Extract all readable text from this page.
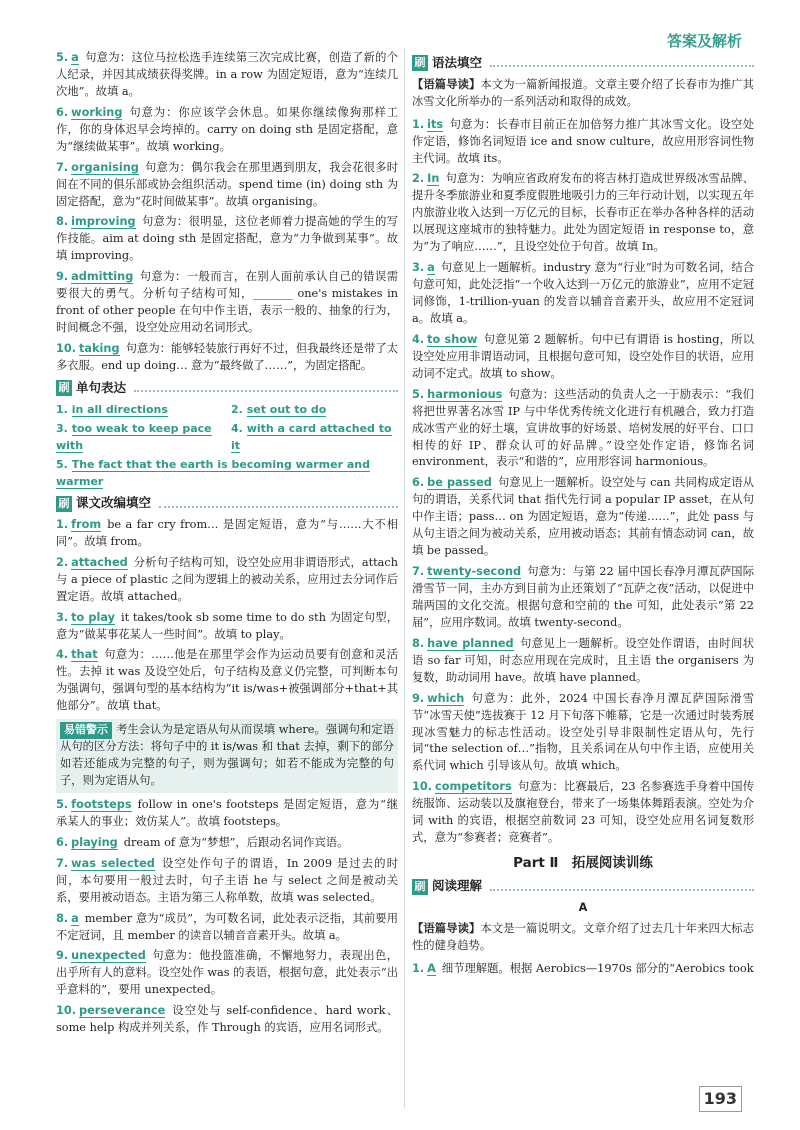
答案及解析
5. a 句意为：这位马拉松选手连续第三次完成比赛，创造了新的个人纪录，并因其成绩获得奖牌。in a row 为固定短语，意为“连续几次地”。故填 a。
6. working 句意为：你应该学会休息。如果你继续像狗那样工作，你的身体迟早会垮掉的。carry on doing sth 是固定搭配，意为“继续做某事”。故填 working。
7. organising 句意为：偶尔我会在那里遇到朋友，我会花很多时间在不同的俱乐部或协会组织活动。spend time (in) doing sth 为固定搭配，意为“花时间做某事”。故填 organising。
8. improving 句意为：很明显，这位老师着力提高她的学生的写作技能。aim at doing sth 是固定搭配，意为“力争做到某事”。故填 improving。
9. admitting 句意为：一般而言，在别人面前承认自己的错误需要很大的勇气。分析句子结构可知，_______ one's mistakes in front of other people 在句中作主语，表示一般的、抽象的行为，时间概念不强，设空处应用动名词形式。
10. taking 句意为：能够轻装旅行再好不过，但我最终还是带了太多衣服。end up doing… 意为“最终做了……”，为固定搭配。
刷 单句表达
1. in all directions	2. set out to do
3. too weak to keep pace with
4. with a card attached to it
5. The fact that the earth is becoming warmer and warmer
刷 课文改编填空
1. from be a far cry from… 是固定短语，意为“与……大不相同”。故填 from。
2. attached 分析句子结构可知，设空处应用非谓语形式，attach 与 a piece of plastic 之间为逻辑上的被动关系，应用过去分词作后置定语。故填 attached。
3. to play it takes/took sb some time to do sth 为固定句型，意为“做某事花某人一些时间”。故填 to play。
4. that 句意为：……他是在那里学会作为运动员要有创意和灵活性。去掉 it was 及设空处后，句子结构及意义仍完整，可判断本句为强调句，强调句型的基本结构为“it is/was+被强调部分+that+其他部分”。故填 that。
易错警示 考生会认为是定语从句从而误填 where。强调句和定语从句的区分方法：将句子中的 it is/was 和 that 去掉，剩下的部分如若还能成为完整的句子，则为强调句；如若不能成为完整的句子，则为定语从句。
5. footsteps follow in one's footsteps 是固定短语，意为“继承某人的事业；效仿某人”。故填 footsteps。
6. playing dream of 意为“梦想”，后跟动名词作宾语。
7. was selected 设空处作句子的谓语，In 2009 是过去的时间，本句要用一般过去时，句子主语 he 与 select 之间是被动关系，要用被动语态。主语为第三人称单数，故填 was selected。
8. a member 意为“成员”，为可数名词，此处表示泛指，其前要用不定冠词，且 member 的读音以辅音音素开头。故填 a。
9. unexpected 句意为：他投篮准确，不懈地努力，表现出色，出乎所有人的意料。设空处作 was 的表语，根据句意，此处表示“出乎意料的”，要用 unexpected。
10. perseverance 设空处与 self-confidence、hard work、some help 构成并列关系，作 Through 的宾语，应用名词形式。
刷 语法填空
【语篇导读】本文为一篇新闻报道。文章主要介绍了长春市为推广其冰雪文化所举办的一系列活动和取得的成效。
1. its 句意为：长春市目前正在加倍努力推广其冰雪文化。设空处作定语，修饰名词短语 ice and snow culture，故应用形容词性物主代词。故填 its。
2. In 句意为：为响应省政府发布的将吉林打造成世界级冰雪品牌、提升冬季旅游业和夏季度假胜地吸引力的三年行动计划，以实现五年内旅游业收入达到一万亿元的目标，长春市正在举办各种各样的活动以展现这座城市的独特魅力。此处为固定短语 in response to，意为“为了响应……”，且设空处位于句首。故填 In。
3. a 句意见上一题解析。industry 意为“行业”时为可数名词，结合句意可知，此处泛指“一个收入达到一万亿元的旅游业”，应用不定冠词修饰，1-trillion-yuan 的发音以辅音音素开头，故应用不定冠词 a。故填 a。
4. to show 句意见第 2 题解析。句中已有谓语 is hosting，所以设空处应用非谓语动词，且根据句意可知，设空处作目的状语，应用动词不定式。故填 to show。
5. harmonious 句意为：这些活动的负责人之一于励表示：“我们将把世界著名冰雪 IP 与中华优秀传统文化进行有机融合，致力打造成冰雪产业的好土壤，宣讲故事的好场景、培树发展的好平台、口口相传的好 IP、群众认可的好品牌。”设空处作定语，修饰名词 environment，表示“和谐的”，应用形容词 harmonious。
6. be passed 句意见上一题解析。设空处与 can 共同构成定语从句的谓语，关系代词 that 指代先行词 a popular IP asset，在从句中作主语；pass… on 为固定短语，意为“传递……”，此处 pass 与从句主语之间为被动关系，应用被动语态；其前有情态动词 can，故填 be passed。
7. twenty-second 句意为：与第 22 届中国长春净月潭瓦萨国际滑雪节一同，主办方到目前为止还策划了“瓦萨之夜”活动，以促进中瑞两国的文化交流。根据句意和空前的 the 可知，此处表示“第 22 届”，应用序数词。故填 twenty-second。
8. have planned 句意见上一题解析。设空处作谓语，由时间状语 so far 可知，时态应用现在完成时，且主语 the organisers 为复数，助动词用 have。故填 have planned。
9. which 句意为：此外，2024 中国长春净月潭瓦萨国际滑雪节“冰雪天使”选拔赛于 12 月下旬落下帷幕，它是一次通过时装秀展现冰雪魅力的标志性活动。设空处引导非限制性定语从句，先行词“the selection of…”指物，且关系词在从句中作主语，应使用关系代词 which 引导该从句。故填 which。
10. competitors 句意为：比赛最后，23 名参赛选手身着中国传统服饰、运动装以及旗袍登台，带来了一场集体舞蹈表演。空处为介词 with 的宾语，根据空前数词 23 可知，设空处应用名词复数形式，意为“参赛者；竞赛者”。
Part Ⅱ　拓展阅读训练
刷 阅读理解
A
【语篇导读】本文是一篇说明文。文章介绍了过去几十年来四大标志性的健身趋势。
1. A 细节理解题。根据 Aerobics—1970s 部分的“Aerobics took
193
